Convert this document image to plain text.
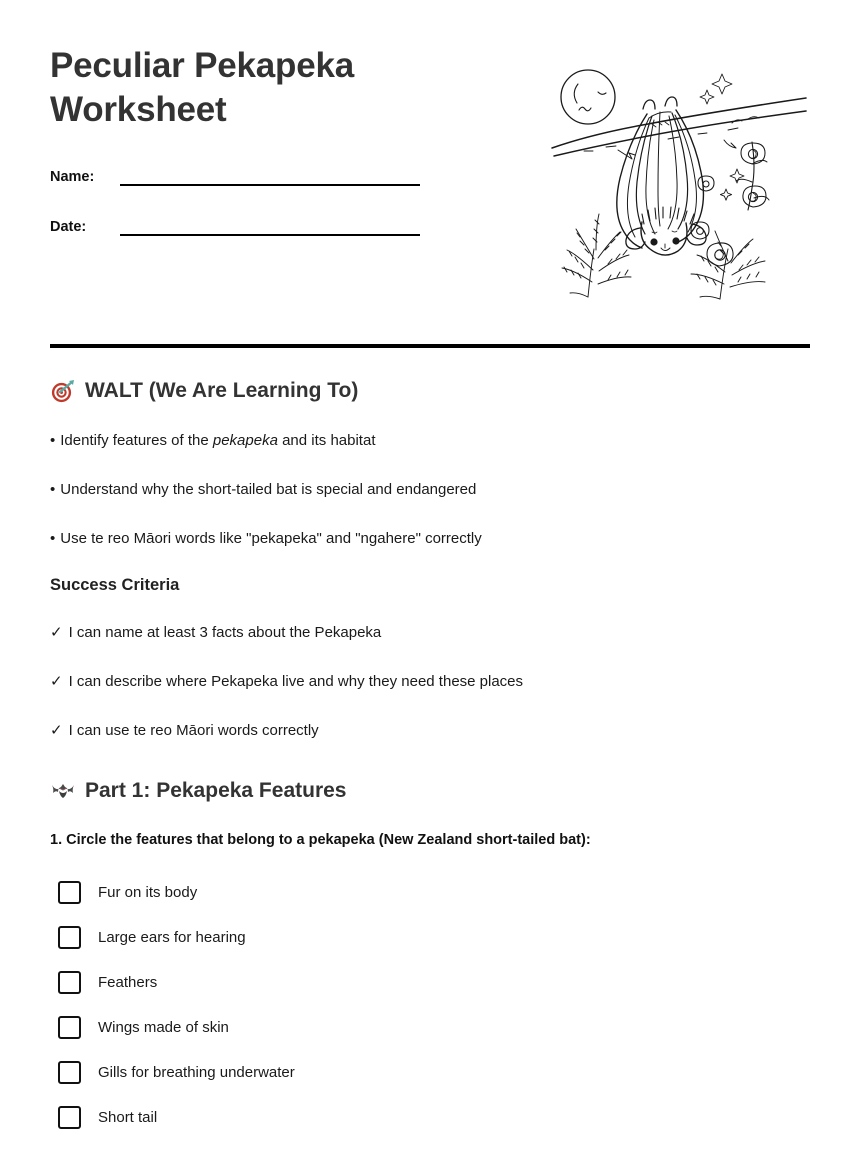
Peculiar Pekapeka Worksheet
Name:
Date:
WALT (We Are Learning To)

• Identify features of the pekapeka and its habitat

• Understand why the short-tailed bat is special and endangered

• Use te reo Māori words like "pekapeka" and "ngahere" correctly

Success Criteria

✓ I can name at least 3 facts about the Pekapeka

✓ I can describe where Pekapeka live and why they need these places

✓ I can use te reo Māori words correctly

Part 1: Pekapeka Features

1. Circle the features that belong to a pekapeka (New Zealand short-tailed bat):

Fur on its body
Large ears for hearing
Feathers
Wings made of skin
Gills for breathing underwater
Short tail
